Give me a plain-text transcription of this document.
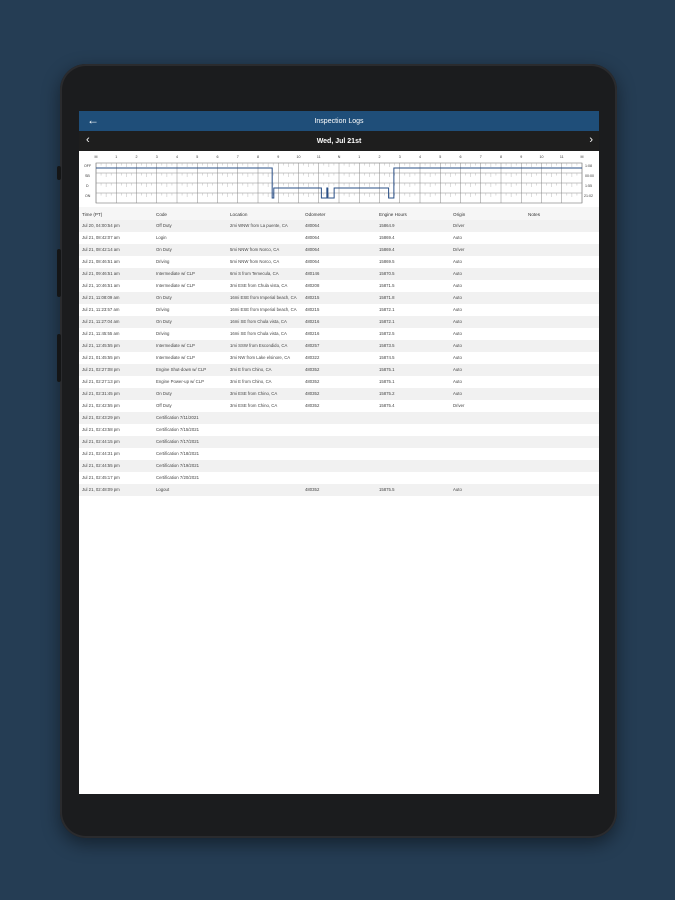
←	Inspection Logs
‹	Wed, Jul 21st	›
M	1	2	3	4	5	6	7	8	9	10	11	N	1	2	3	4	5	6	7	8	9	10	11	M
OFF
SB
D
ON
1:08
00:00
1:55
21:02
Time (PT)	Code	Location	Odometer	Engine Hours	Origin	Notes
Jul 20, 04:00:54 pm	Off Duty	2mi WNW from La puente, CA	480064	15864.9	Driver	
Jul 21, 08:42:07 am	Login		480064	15869.4	Auto	
Jul 21, 08:42:14 am	On Duty	5mi NNW from Norco, CA	480064	15869.4	Driver	
Jul 21, 08:46:51 am	Driving	5mi NNW from Norco, CA	480064	15869.5	Auto	
Jul 21, 09:46:51 am	Intermediate w/ CLP	6mi S from Temecula, CA	480146	15870.5	Auto	
Jul 21, 10:46:51 am	Intermediate w/ CLP	3mi ESE from Chula vista, CA	480208	15871.5	Auto	
Jul 21, 11:08:09 am	On Duty	16mi ESE from Imperial beach, CA	480215	15871.8	Auto	
Jul 21, 11:23:57 am	Driving	16mi ESE from Imperial beach, CA	480215	15872.1	Auto	
Jul 21, 11:27:04 am	On Duty	16mi SE from Chula vista, CA	480216	15872.1	Auto	
Jul 21, 11:45:55 am	Driving	16mi SE from Chula vista, CA	480216	15872.5	Auto	
Jul 21, 12:45:55 pm	Intermediate w/ CLP	1mi SSW from Escondido, CA	480257	15873.5	Auto	
Jul 21, 01:45:55 pm	Intermediate w/ CLP	3mi NW from Lake elsinore, CA	480322	15874.5	Auto	
Jul 21, 02:27:08 pm	Engine Shut-down w/ CLP	3mi E from Chino, CA	480352	15875.1	Auto	
Jul 21, 02:27:13 pm	Engine Power-up w/ CLP	3mi E from Chino, CA	480352	15875.1	Auto	
Jul 21, 02:31:45 pm	On Duty	3mi ESE from Chino, CA	480352	15875.2	Auto	
Jul 21, 02:42:55 pm	Off Duty	3mi ESE from Chino, CA	480352	15875.4	Driver	
Jul 21, 02:43:29 pm	Certification 7/11/2021					
Jul 21, 02:43:58 pm	Certification 7/15/2021					
Jul 21, 02:44:15 pm	Certification 7/17/2021					
Jul 21, 02:44:31 pm	Certification 7/18/2021					
Jul 21, 02:44:55 pm	Certification 7/19/2021					
Jul 21, 02:45:17 pm	Certification 7/20/2021					
Jul 21, 02:48:09 pm	Logout		480352	15875.5	Auto	
